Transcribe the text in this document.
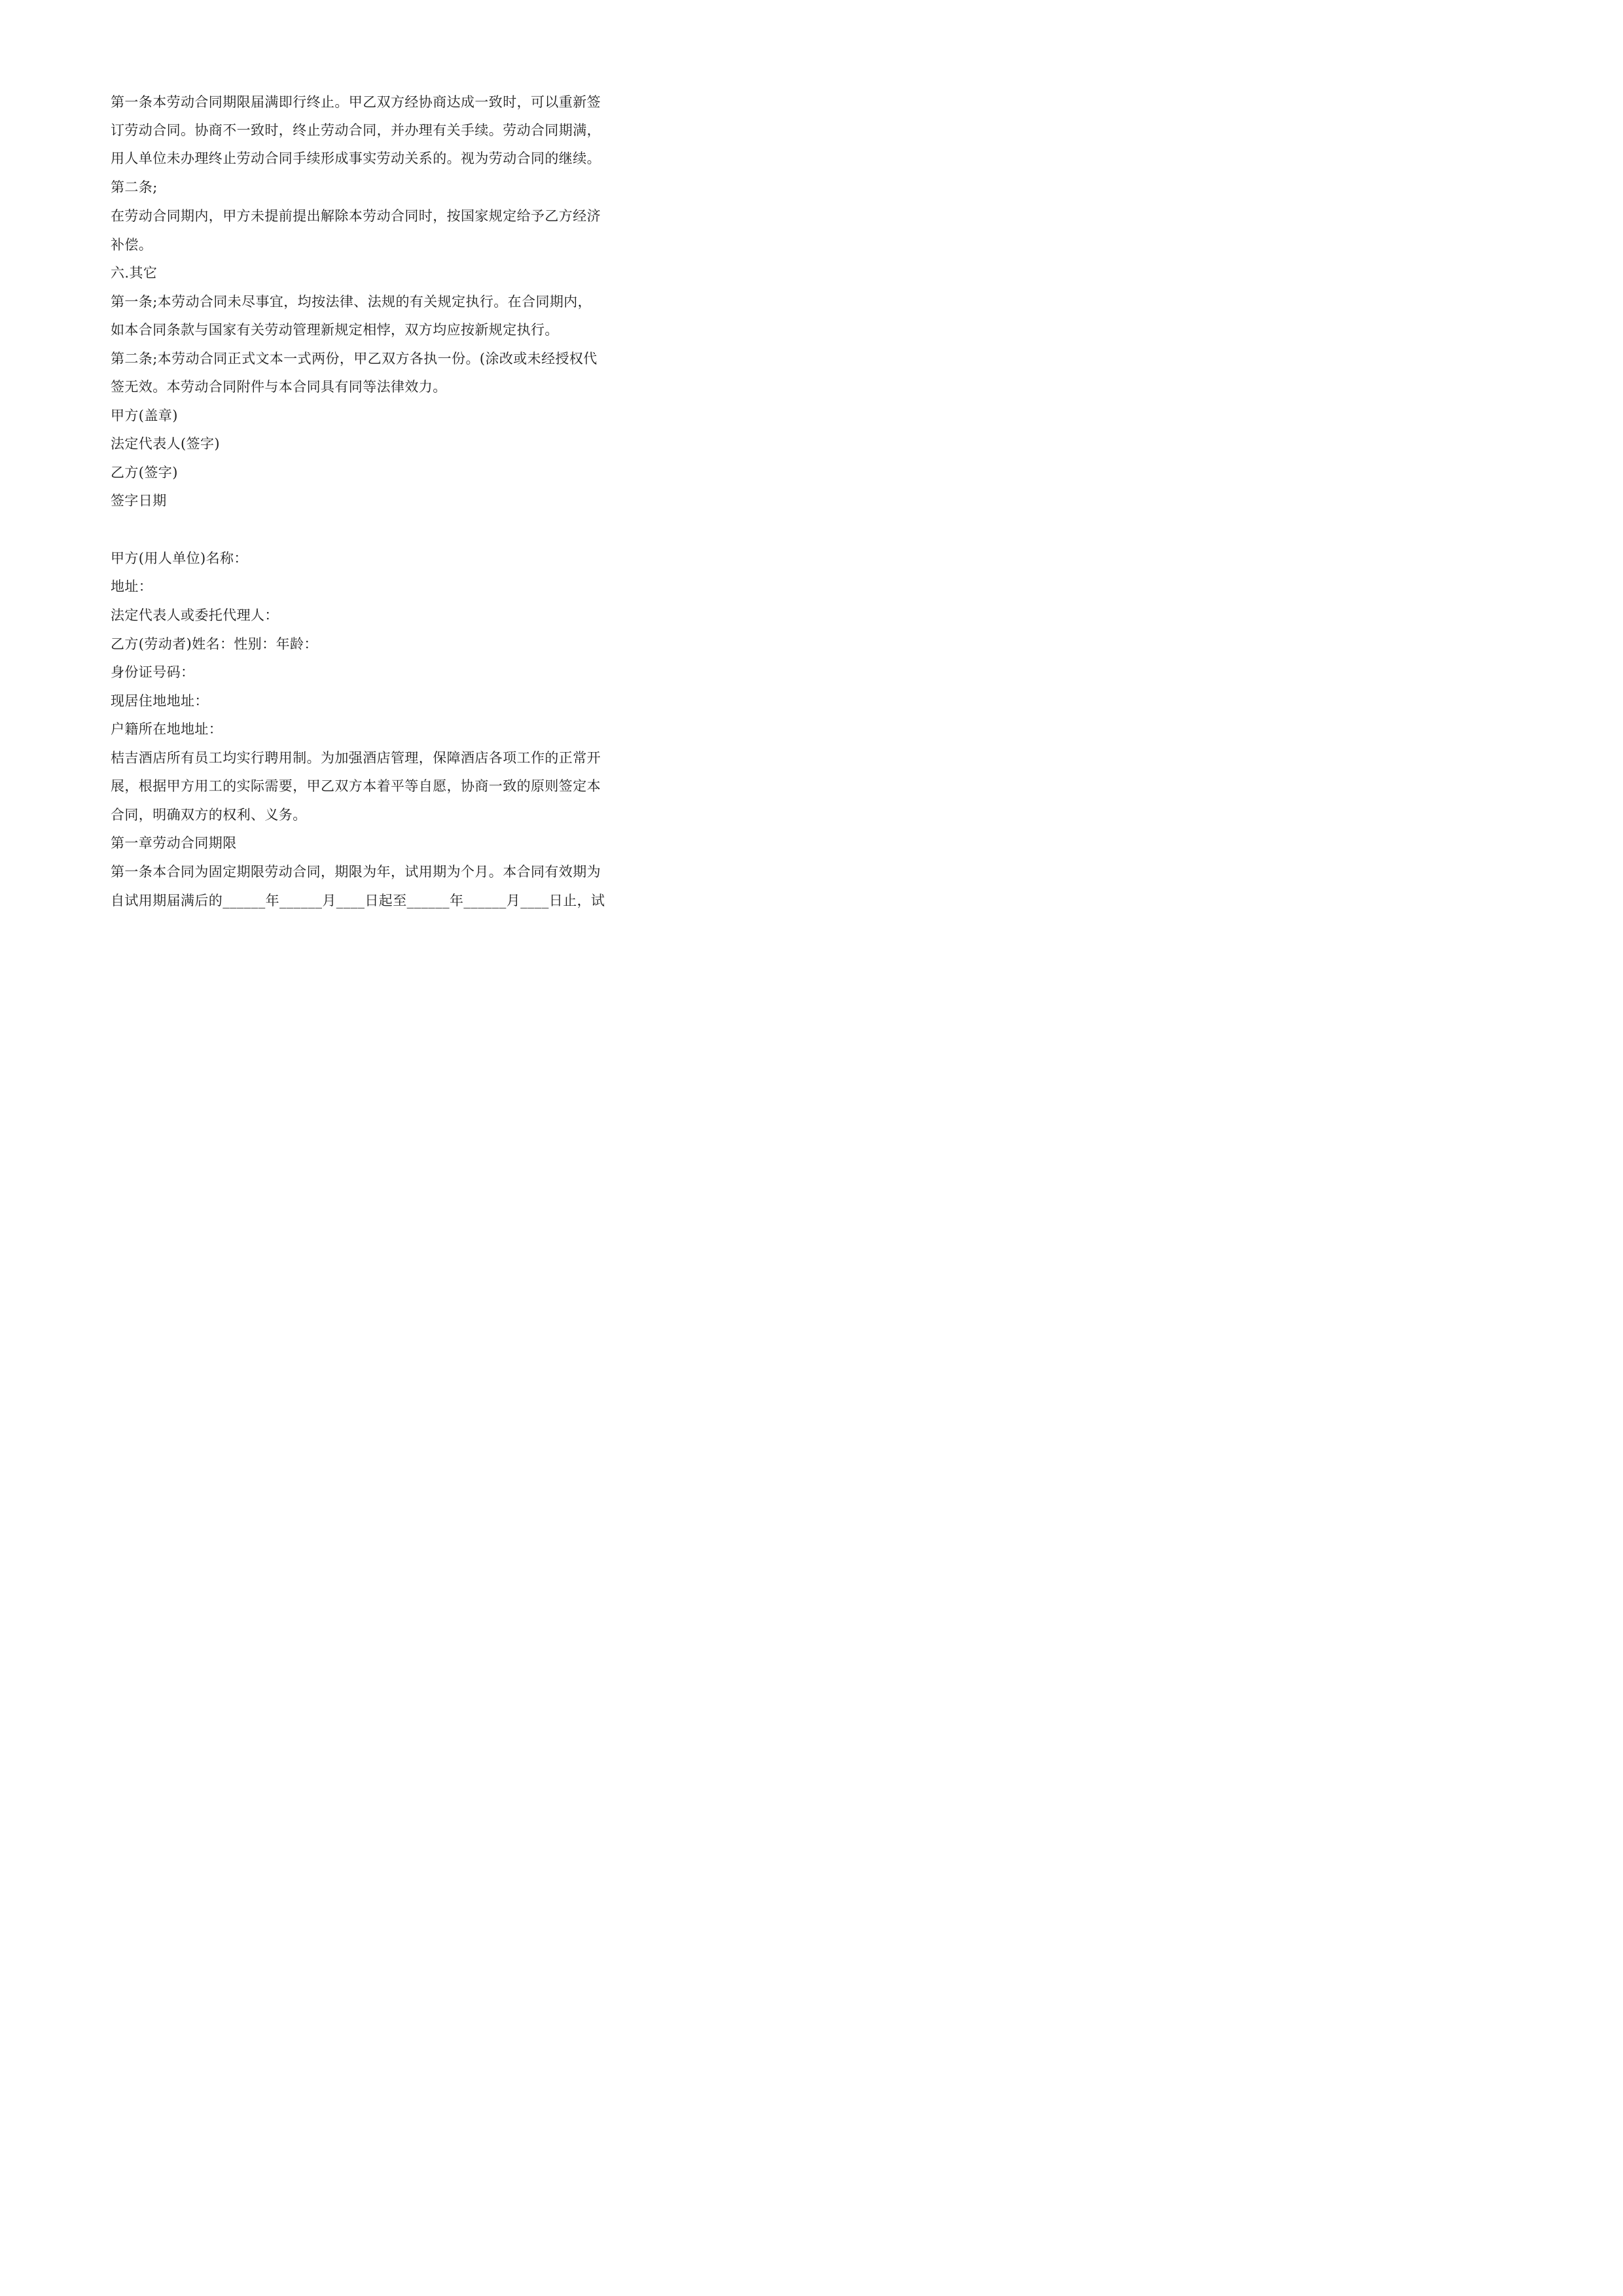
第一条本劳动合同期限届满即行终止。甲乙双方经协商达成一致时，可以重新签
订劳动合同。协商不一致时，终止劳动合同，并办理有关手续。劳动合同期满，
用人单位未办理终止劳动合同手续形成事实劳动关系的。视为劳动合同的继续。
第二条;
在劳动合同期内，甲方未提前提出解除本劳动合同时，按国家规定给予乙方经济
补偿。
六.其它
第一条;本劳动合同未尽事宜，均按法律、法规的有关规定执行。在合同期内，
如本合同条款与国家有关劳动管理新规定相悖，双方均应按新规定执行。
第二条;本劳动合同正式文本一式两份，甲乙双方各执一份。(涂改或未经授权代
签无效。本劳动合同附件与本合同具有同等法律效力。
甲方(盖章)
法定代表人(签字)
乙方(签字)
签字日期
甲方(用人单位)名称：
地址：
法定代表人或委托代理人：
乙方(劳动者)姓名：性别：年龄：
身份证号码：
现居住地地址：
户籍所在地地址：
桔吉酒店所有员工均实行聘用制。为加强酒店管理，保障酒店各项工作的正常开
展，根据甲方用工的实际需要，甲乙双方本着平等自愿，协商一致的原则签定本
合同，明确双方的权利、义务。
第一章劳动合同期限
第一条本合同为固定期限劳动合同，期限为年，试用期为个月。本合同有效期为
自试用期届满后的______年______月____日起至______年______月____日止，试
